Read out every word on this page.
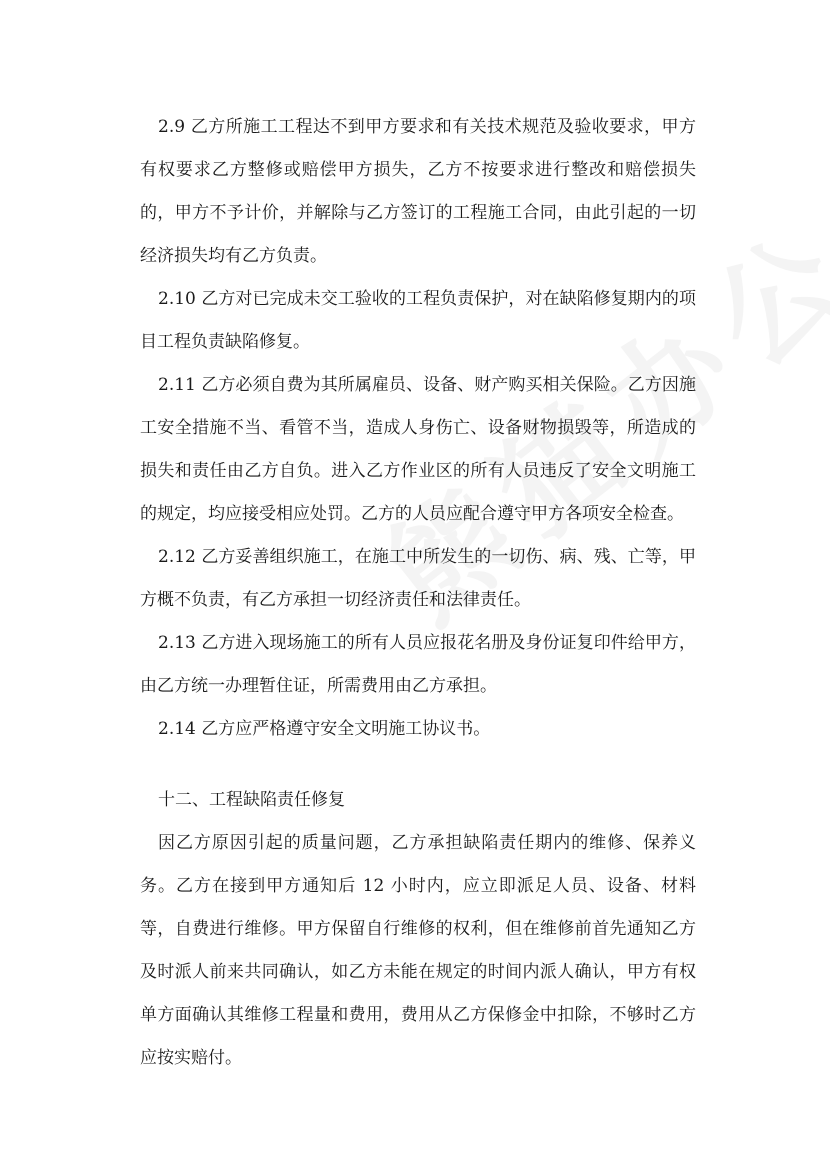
2.9 乙方所施工工程达不到甲方要求和有关技术规范及验收要求，甲方有权要求乙方整修或赔偿甲方损失，乙方不按要求进行整改和赔偿损失的，甲方不予计价，并解除与乙方签订的工程施工合同，由此引起的一切经济损失均有乙方负责。

2.10 乙方对已完成未交工验收的工程负责保护，对在缺陷修复期内的项目工程负责缺陷修复。

2.11 乙方必须自费为其所属雇员、设备、财产购买相关保险。乙方因施工安全措施不当、看管不当，造成人身伤亡、设备财物损毁等，所造成的损失和责任由乙方自负。进入乙方作业区的所有人员违反了安全文明施工的规定，均应接受相应处罚。乙方的人员应配合遵守甲方各项安全检查。

2.12 乙方妥善组织施工，在施工中所发生的一切伤、病、残、亡等，甲方概不负责，有乙方承担一切经济责任和法律责任。

2.13 乙方进入现场施工的所有人员应报花名册及身份证复印件给甲方，由乙方统一办理暂住证，所需费用由乙方承担。

2.14 乙方应严格遵守安全文明施工协议书。

十二、工程缺陷责任修复

因乙方原因引起的质量问题，乙方承担缺陷责任期内的维修、保养义务。乙方在接到甲方通知后 12 小时内，应立即派足人员、设备、材料等，自费进行维修。甲方保留自行维修的权利，但在维修前首先通知乙方及时派人前来共同确认，如乙方未能在规定的时间内派人确认，甲方有权单方面确认其维修工程量和费用，费用从乙方保修金中扣除，不够时乙方应按实赔付。
